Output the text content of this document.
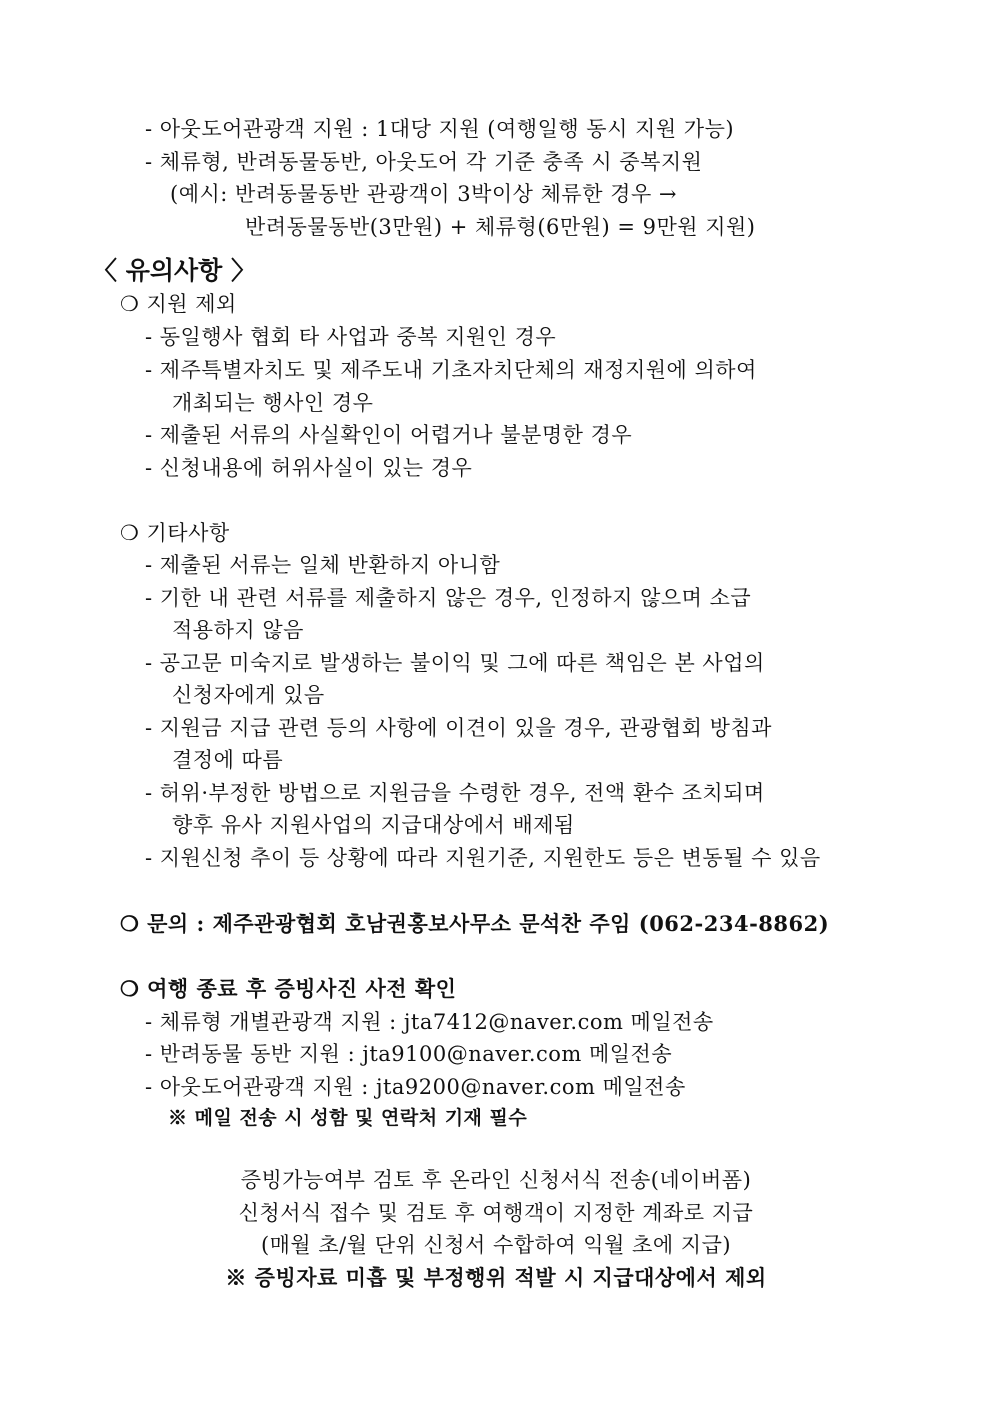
- 아웃도어관광객 지원 : 1대당 지원 (여행일행 동시 지원 가능)
- 체류형, 반려동물동반, 아웃도어 각 기준 충족 시 중복지원
(예시: 반려동물동반 관광객이 3박이상 체류한 경우 →
반려동물동반(3만원) + 체류형(6만원) = 9만원 지원)
〈 유의사항 〉
❍ 지원 제외
- 동일행사 협회 타 사업과 중복 지원인 경우
- 제주특별자치도 및 제주도내 기초자치단체의 재정지원에 의하여
개최되는 행사인 경우
- 제출된 서류의 사실확인이 어렵거나 불분명한 경우
- 신청내용에 허위사실이 있는 경우
❍ 기타사항
- 제출된 서류는 일체 반환하지 아니함
- 기한 내 관련 서류를 제출하지 않은 경우, 인정하지 않으며 소급
적용하지 않음
- 공고문 미숙지로 발생하는 불이익 및 그에 따른 책임은 본 사업의
신청자에게 있음
- 지원금 지급 관련 등의 사항에 이견이 있을 경우, 관광협회 방침과
결정에 따름
- 허위·부정한 방법으로 지원금을 수령한 경우, 전액 환수 조치되며
향후 유사 지원사업의 지급대상에서 배제됨
- 지원신청 추이 등 상황에 따라 지원기준, 지원한도 등은 변동될 수 있음
❍ 문의 : 제주관광협회 호남권홍보사무소 문석찬 주임 (062-234-8862)
❍ 여행 종료 후 증빙사진 사전 확인
- 체류형 개별관광객 지원 : jta7412@naver.com 메일전송
- 반려동물 동반 지원 : jta9100@naver.com 메일전송
- 아웃도어관광객 지원 : jta9200@naver.com 메일전송
※ 메일 전송 시 성함 및 연락처 기재 필수
증빙가능여부 검토 후 온라인 신청서식 전송(네이버폼)
신청서식 접수 및 검토 후 여행객이 지정한 계좌로 지급
(매월 초/월 단위 신청서 수합하여 익월 초에 지급)
※ 증빙자료 미흡 및 부정행위 적발 시 지급대상에서 제외
